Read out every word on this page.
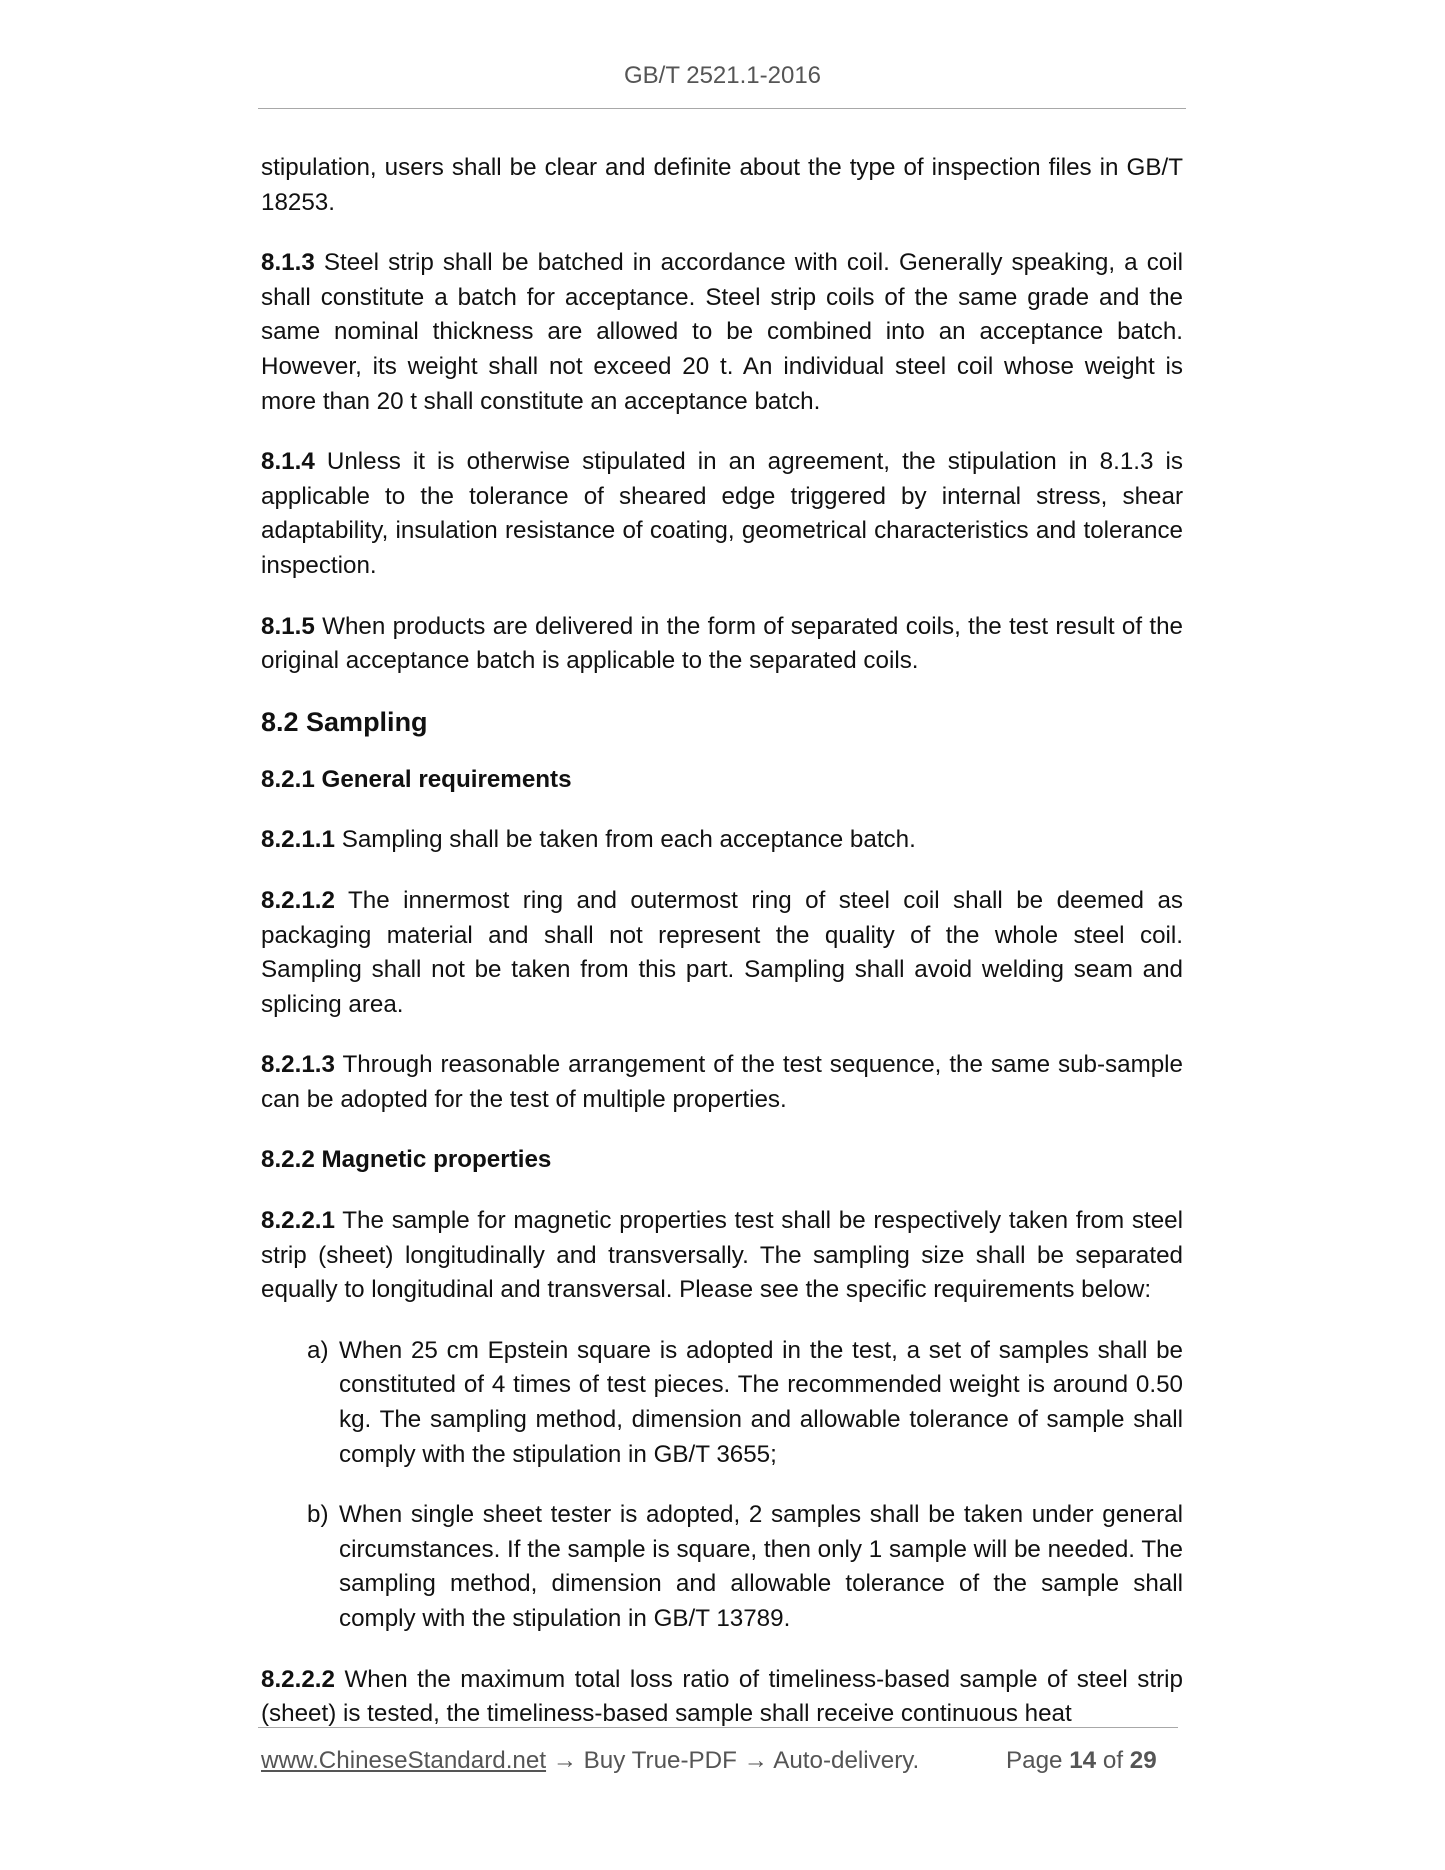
GB/T 2521.1-2016

stipulation, users shall be clear and definite about the type of inspection files in GB/T 18253.

8.1.3 Steel strip shall be batched in accordance with coil. Generally speaking, a coil shall constitute a batch for acceptance. Steel strip coils of the same grade and the same nominal thickness are allowed to be combined into an acceptance batch. However, its weight shall not exceed 20 t. An individual steel coil whose weight is more than 20 t shall constitute an acceptance batch.

8.1.4 Unless it is otherwise stipulated in an agreement, the stipulation in 8.1.3 is applicable to the tolerance of sheared edge triggered by internal stress, shear adaptability, insulation resistance of coating, geometrical characteristics and tolerance inspection.

8.1.5 When products are delivered in the form of separated coils, the test result of the original acceptance batch is applicable to the separated coils.

8.2 Sampling
8.2.1 General requirements

8.2.1.1 Sampling shall be taken from each acceptance batch.

8.2.1.2 The innermost ring and outermost ring of steel coil shall be deemed as packaging material and shall not represent the quality of the whole steel coil. Sampling shall not be taken from this part. Sampling shall avoid welding seam and splicing area.

8.2.1.3 Through reasonable arrangement of the test sequence, the same sub-sample can be adopted for the test of multiple properties.

8.2.2 Magnetic properties

8.2.2.1 The sample for magnetic properties test shall be respectively taken from steel strip (sheet) longitudinally and transversally. The sampling size shall be separated equally to longitudinal and transversal. Please see the specific requirements below:

a) When 25 cm Epstein square is adopted in the test, a set of samples shall be constituted of 4 times of test pieces. The recommended weight is around 0.50 kg. The sampling method, dimension and allowable tolerance of sample shall comply with the stipulation in GB/T 3655;
b) When single sheet tester is adopted, 2 samples shall be taken under general circumstances. If the sample is square, then only 1 sample will be needed. The sampling method, dimension and allowable tolerance of the sample shall comply with the stipulation in GB/T 13789.

8.2.2.2 When the maximum total loss ratio of timeliness-based sample of steel strip (sheet) is tested, the timeliness-based sample shall receive continuous heat

www.ChineseStandard.net → Buy True-PDF → Auto-delivery.	Page 14 of 29
